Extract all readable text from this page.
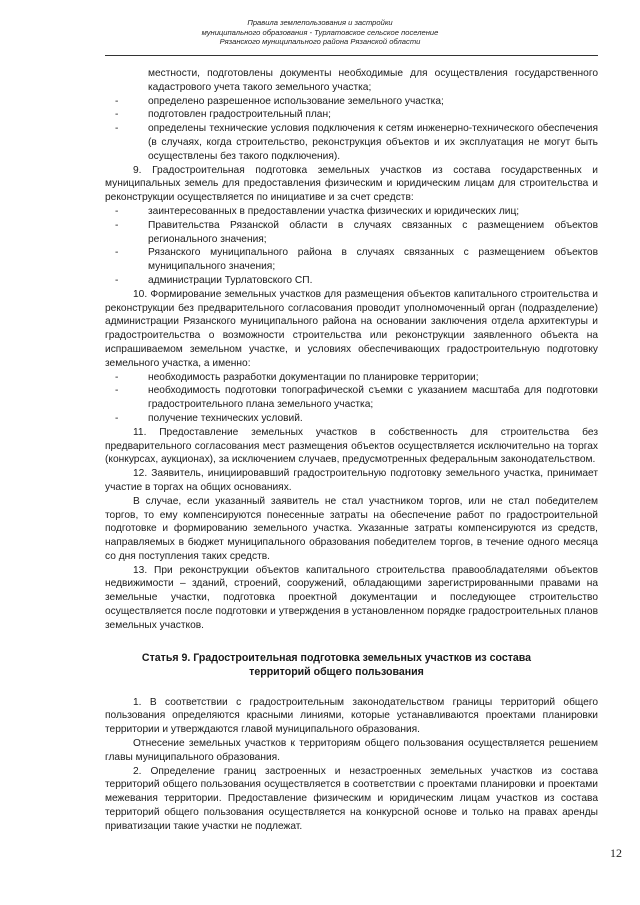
Правила землепользования и застройки
муниципального образования - Турлатовское сельское поселение
Рязанского муниципального района Рязанской области
местности, подготовлены документы необходимые для осуществления государственного кадастрового учета такого земельного участка;
-	определено разрешенное использование земельного участка;
-	подготовлен градостроительный план;
-	определены технические условия подключения к сетям инженерно-технического обеспечения (в случаях, когда строительство, реконструкция объектов и их эксплуатация не могут быть осуществлены без такого подключения).

9. Градостроительная подготовка земельных участков из состава государственных и муниципальных земель для предоставления физическим и юридическим лицам для строительства и реконструкции осуществляется по инициативе и за счет средств:

-	заинтересованных в предоставлении участка физических и юридических лиц;
-	Правительства Рязанской области в случаях связанных с размещением объектов регионального значения;
-	Рязанского муниципального района в случаях связанных с размещением объектов муниципального значения;
-	администрации Турлатовского СП.

10. Формирование земельных участков для размещения объектов капитального строительства и реконструкции без предварительного согласования проводит уполномоченный орган (подразделение) администрации Рязанского муниципального района на основании заключения отдела архитектуры и градостроительства о возможности строительства или реконструкции заявленного объекта на испрашиваемом земельном участке, и условиях обеспечивающих градостроительную подготовку земельного участка, а именно:

-	необходимость разработки документации по планировке территории;
-	необходимость подготовки топографической съемки с указанием масштаба для подготовки градостроительного плана земельного участка;
-	получение технических условий.

11. Предоставление земельных участков в собственность для строительства без предварительного согласования мест размещения объектов осуществляется исключительно на торгах (конкурсах, аукционах), за исключением случаев, предусмотренных федеральным законодательством.

12. Заявитель, инициировавший градостроительную подготовку земельного участка, принимает участие в торгах на общих основаниях.

В случае, если указанный заявитель не стал участником торгов, или не стал победителем торгов, то ему компенсируются понесенные затраты на обеспечение работ по градостроительной подготовке и формированию земельного участка. Указанные затраты компенсируются из средств, направляемых в бюджет муниципального образования победителем торгов, в течение одного месяца со дня поступления таких средств.

13. При реконструкции объектов капитального строительства правообладателями объектов недвижимости – зданий, строений, сооружений, обладающими зарегистрированными правами на земельные участки, подготовка проектной документации и последующее строительство осуществляется после подготовки и утверждения в установленном порядке градостроительных планов земельных участков.

Статья 9. Градостроительная подготовка земельных участков из состава территорий общего пользования

1. В соответствии с градостроительным законодательством границы территорий общего пользования определяются красными линиями, которые устанавливаются проектами планировки территории и утверждаются главой муниципального образования.

Отнесение земельных участков к территориям общего пользования осуществляется решением главы муниципального образования.

2. Определение границ застроенных и незастроенных земельных участков из состава территорий общего пользования осуществляется в соответствии с проектами планировки и проектами межевания территории. Предоставление физическим и юридическим лицам участков из состава территорий общего пользования осуществляется на конкурсной основе и только на правах аренды приватизации такие участки не подлежат.

12
